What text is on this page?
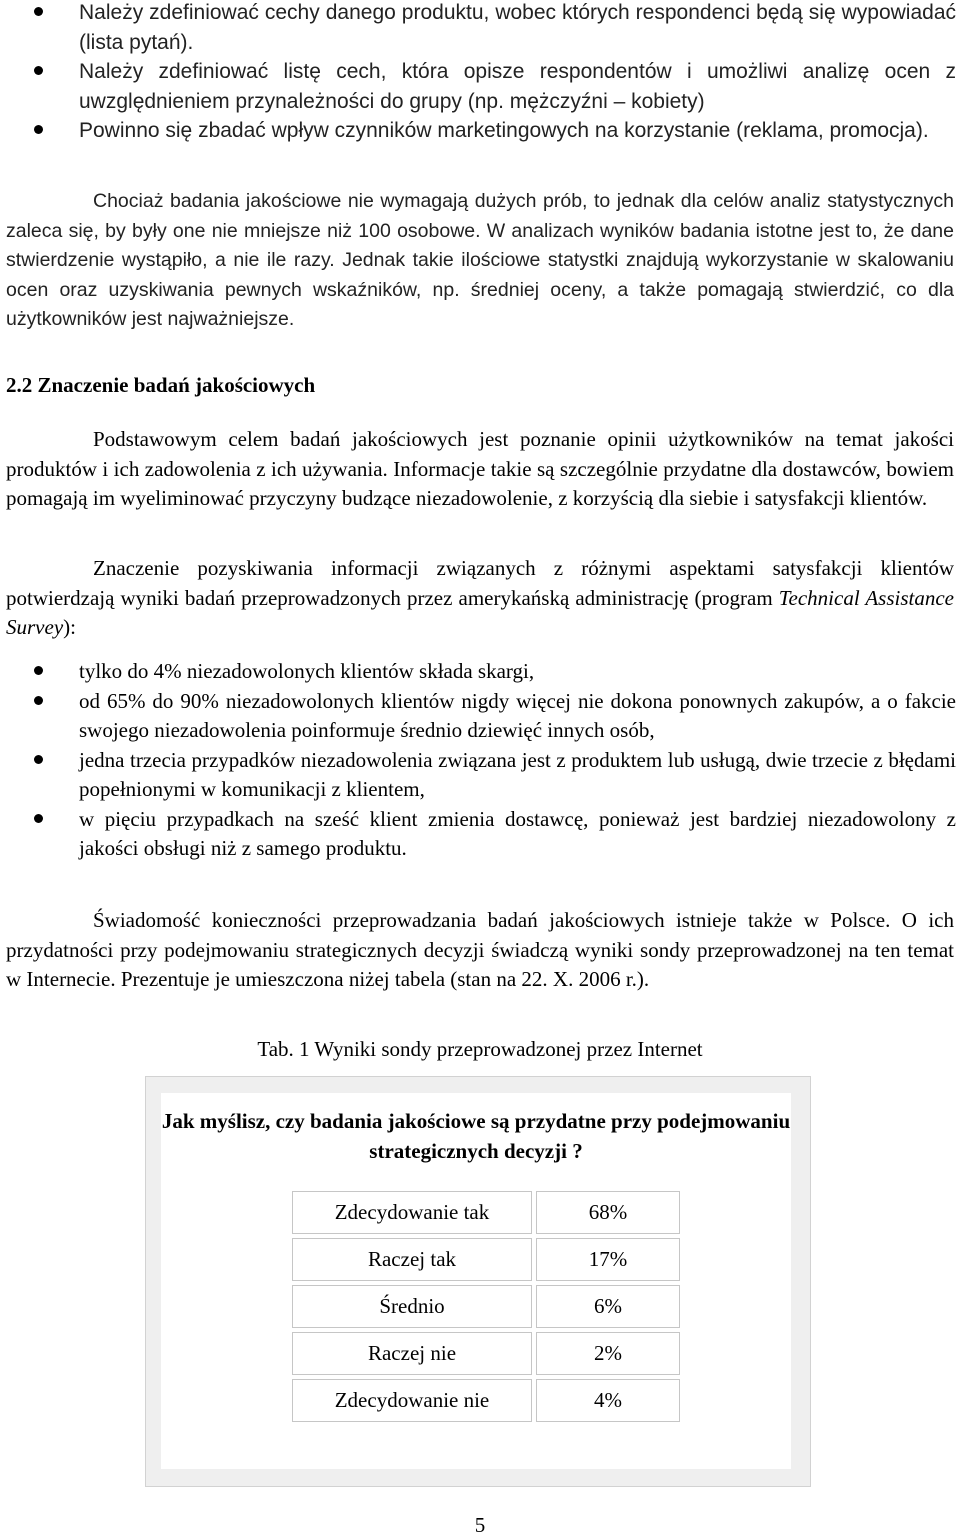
Należy zdefiniować cechy danego produktu, wobec których respondenci będą się wypowiadać (lista pytań).
Należy zdefiniować listę cech, która opisze respondentów i umożliwi analizę ocen z uwzględnieniem przynależności do grupy (np. mężczyźni – kobiety)
Powinno się zbadać wpływ czynników marketingowych na korzystanie (reklama, promocja).

Chociaż badania jakościowe nie wymagają dużych prób, to jednak dla celów analiz statystycznych zaleca się, by były one nie mniejsze niż 100 osobowe. W analizach wyników badania istotne jest to, że dane stwierdzenie wystąpiło, a nie ile razy. Jednak takie ilościowe statystki znajdują wykorzystanie w skalowaniu ocen oraz uzyskiwania pewnych wskaźników, np. średniej oceny, a także pomagają stwierdzić, co dla użytkowników jest najważniejsze.

2.2 Znaczenie badań jakościowych

Podstawowym celem badań jakościowych jest poznanie opinii użytkowników na temat jakości produktów i ich zadowolenia z ich używania. Informacje takie są szczególnie przydatne dla dostawców, bowiem pomagają im wyeliminować przyczyny budzące niezadowolenie, z korzyścią dla siebie i satysfakcji klientów.

Znaczenie pozyskiwania informacji związanych z różnymi aspektami satysfakcji klientów potwierdzają wyniki badań przeprowadzonych przez amerykańską administrację (program Technical Assistance Survey):

tylko do 4% niezadowolonych klientów składa skargi,
od 65% do 90% niezadowolonych klientów nigdy więcej nie dokona ponownych zakupów, a o fakcie swojego niezadowolenia poinformuje średnio dziewięć innych osób,
jedna trzecia przypadków niezadowolenia związana jest z produktem lub usługą, dwie trzecie z błędami popełnionymi w komunikacji z klientem,
w pięciu przypadkach na sześć klient zmienia dostawcę, ponieważ jest bardziej niezadowolony z jakości obsługi niż z samego produktu.

Świadomość konieczności przeprowadzania badań jakościowych istnieje także w Polsce. O ich przydatności przy podejmowaniu strategicznych decyzji świadczą wyniki sondy przeprowadzonej na ten temat w Internecie. Prezentuje je umieszczona niżej tabela (stan na 22. X. 2006 r.).

Tab. 1 Wyniki sondy przeprowadzonej przez Internet
Jak myślisz, czy badania jakościowe są przydatne przy podejmowaniu strategicznych decyzji ?
Zdecydowanie tak	68%
Raczej tak	17%
Średnio	6%
Raczej nie	2%
Zdecydowanie nie	4%
5
